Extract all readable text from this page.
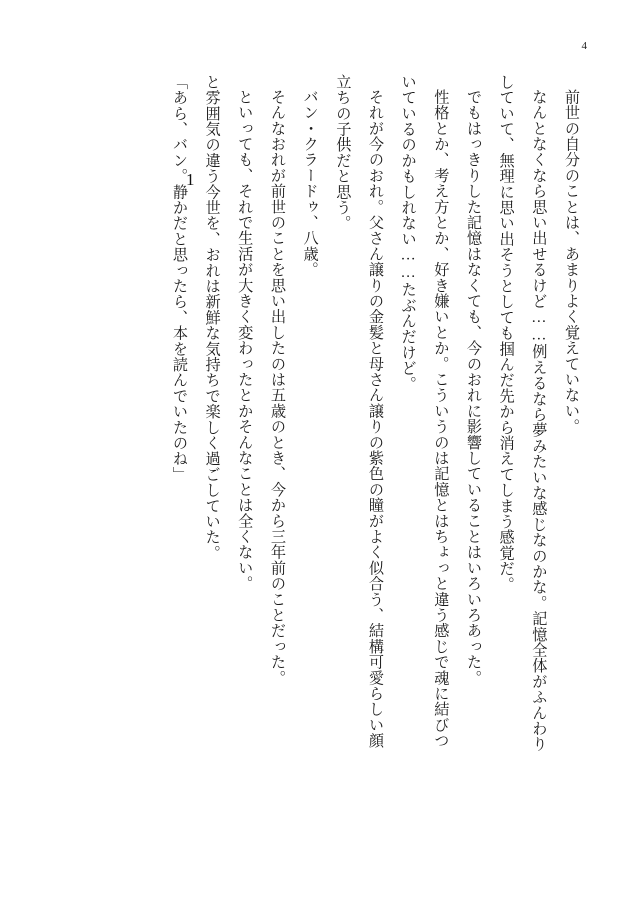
4
1	前世の自分のことは、あまりよく覚えていない。

なんとなくなら思い出せるけど……例えるなら夢みたいな感じなのかな。記憶全体がふんわりしていて、無理に思い出そうとしても掴んだ先から消えてしまう感覚だ。

でもはっきりした記憶はなくても、今のおれに影響していることはいろいろあった。

性格とか、考え方とか、好き嫌いとか。こういうのは記憶とはちょっと違う感じで魂に結びついているのかもしれない……たぶんだけど。

それが今のおれ。父さん譲りの金髪と母さん譲りの紫色の瞳がよく似合う、結構可愛らしい顔立ちの子供だと思う。

バン・クラードゥ、八歳。

そんなおれが前世のことを思い出したのは五歳のとき、今から三年前のことだった。

といっても、それで生活が大きく変わったとかそんなことは全くない。

と雰囲気の違う今世を、おれは新鮮な気持ちで楽しく過ごしていた。

「あら、バン。静かだと思ったら、本を読んでいたのね」
